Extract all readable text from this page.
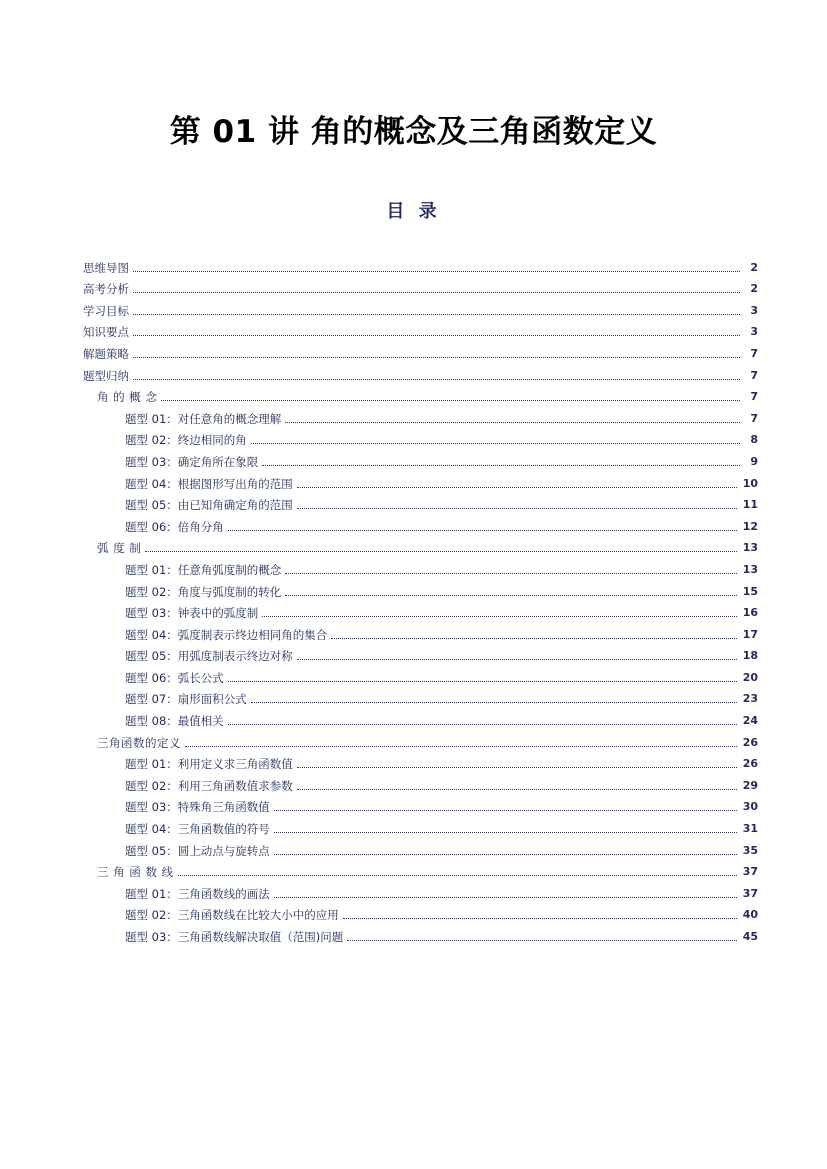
第 01 讲 角的概念及三角函数定义
目 录
思维导图	2
高考分析	2
学习目标	3
知识要点	3
解题策略	7
题型归纳	7
角 的 概 念	7
题型 01：对任意角的概念理解	7
题型 02：终边相同的角	8
题型 03：确定角所在象限	9
题型 04：根据图形写出角的范围	10
题型 05：由已知角确定角的范围	11
题型 06：倍角分角	12
弧 度 制	13
题型 01：任意角弧度制的概念	13
题型 02：角度与弧度制的转化	15
题型 03：钟表中的弧度制	16
题型 04：弧度制表示终边相同角的集合	17
题型 05：用弧度制表示终边对称	18
题型 06：弧长公式	20
题型 07：扇形面积公式	23
题型 08：最值相关	24
三角函数的定义	26
题型 01：利用定义求三角函数值	26
题型 02：利用三角函数值求参数	29
题型 03：特殊角三角函数值	30
题型 04：三角函数值的符号	31
题型 05：圆上动点与旋转点	35
三 角 函 数 线	37
题型 01：三角函数线的画法	37
题型 02：三角函数线在比较大小中的应用	40
题型 03：三角函数线解决取值（范围)问题	45
